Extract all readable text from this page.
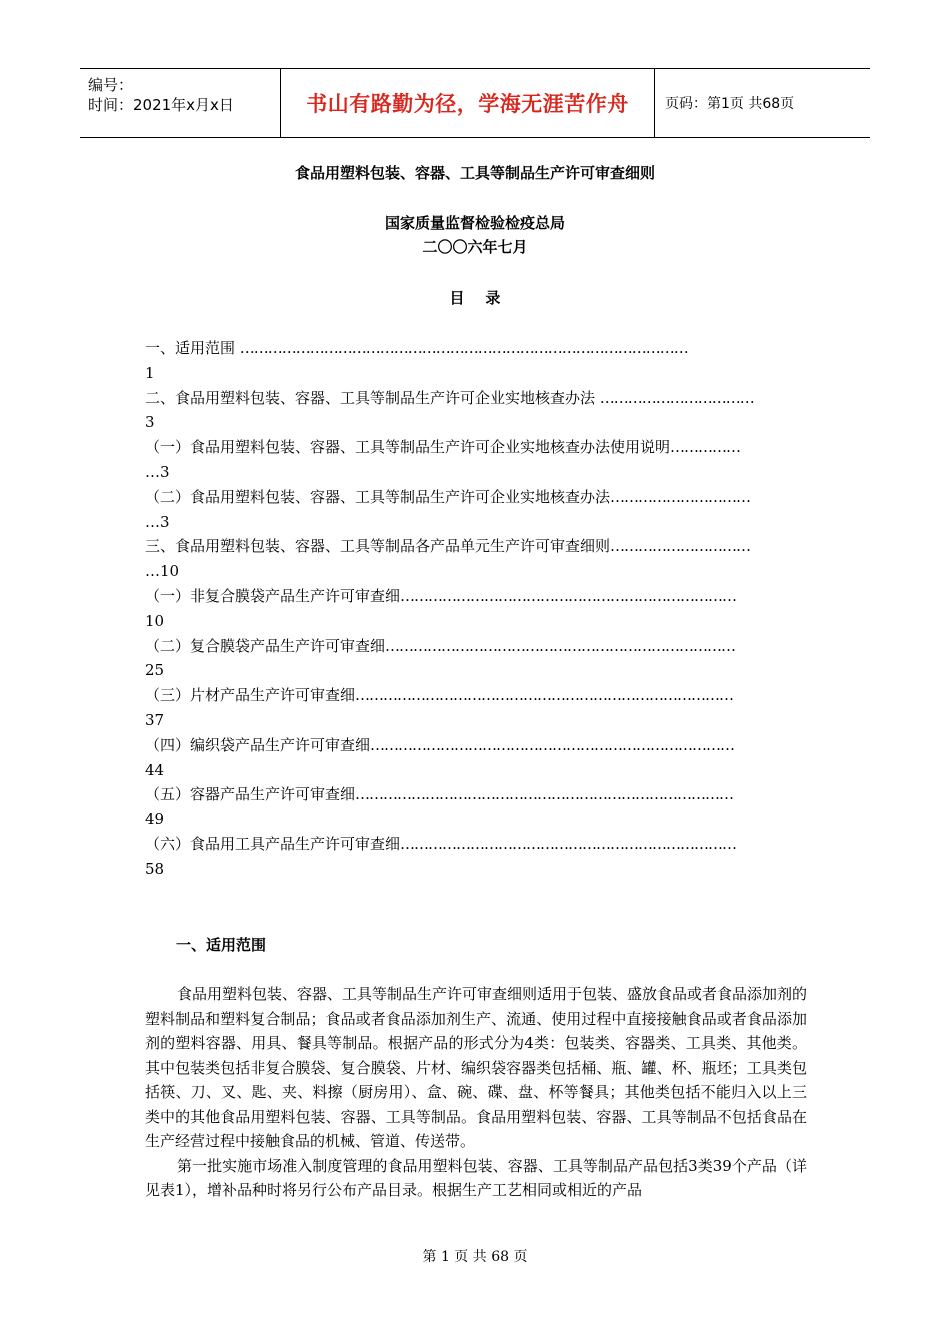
编号：
时间：2021年x月x日	书山有路勤为径，学海无涯苦作舟	页码：第1页 共68页
食品用塑料包装、容器、工具等制品生产许可审查细则
国家质量监督检验检疫总局
二〇〇六年七月
目    录
一、适用范围 ……………………………………………………………………………………
1
二、食品用塑料包装、容器、工具等制品生产许可企业实地核查办法 ……………………………
3
（一）食品用塑料包装、容器、工具等制品生产许可企业实地核查办法使用说明……………
…3
（二）食品用塑料包装、容器、工具等制品生产许可企业实地核查办法…………………………
…3
三、食品用塑料包装、容器、工具等制品各产品单元生产许可审查细则…………………………
…10
（一）非复合膜袋产品生产许可审查细………………………………………………………………
10
（二）复合膜袋产品生产许可审查细…………………………………………………………………
25
（三）片材产品生产许可审查细………………………………………………………………………
37
（四）编织袋产品生产许可审查细……………………………………………………………………
44
（五）容器产品生产许可审查细………………………………………………………………………
49
（六）食品用工具产品生产许可审查细………………………………………………………………
58
一、适用范围

食品用塑料包装、容器、工具等制品生产许可审查细则适用于包装、盛放食品或者食品添加剂的塑料制品和塑料复合制品；食品或者食品添加剂生产、流通、使用过程中直接接触食品或者食品添加剂的塑料容器、用具、餐具等制品。根据产品的形式分为4类：包装类、容器类、工具类、其他类。其中包装类包括非复合膜袋、复合膜袋、片材、编织袋容器类包括桶、瓶、罐、杯、瓶坯；工具类包括筷、刀、叉、匙、夹、料擦（厨房用）、盒、碗、碟、盘、杯等餐具；其他类包括不能归入以上三类中的其他食品用塑料包装、容器、工具等制品。食品用塑料包装、容器、工具等制品不包括食品在生产经营过程中接触食品的机械、管道、传送带。

第一批实施市场准入制度管理的食品用塑料包装、容器、工具等制品产品包括3类39个产品（详见表1），增补品种时将另行公布产品目录。根据生产工艺相同或相近的产品

第 1 页 共 68 页
